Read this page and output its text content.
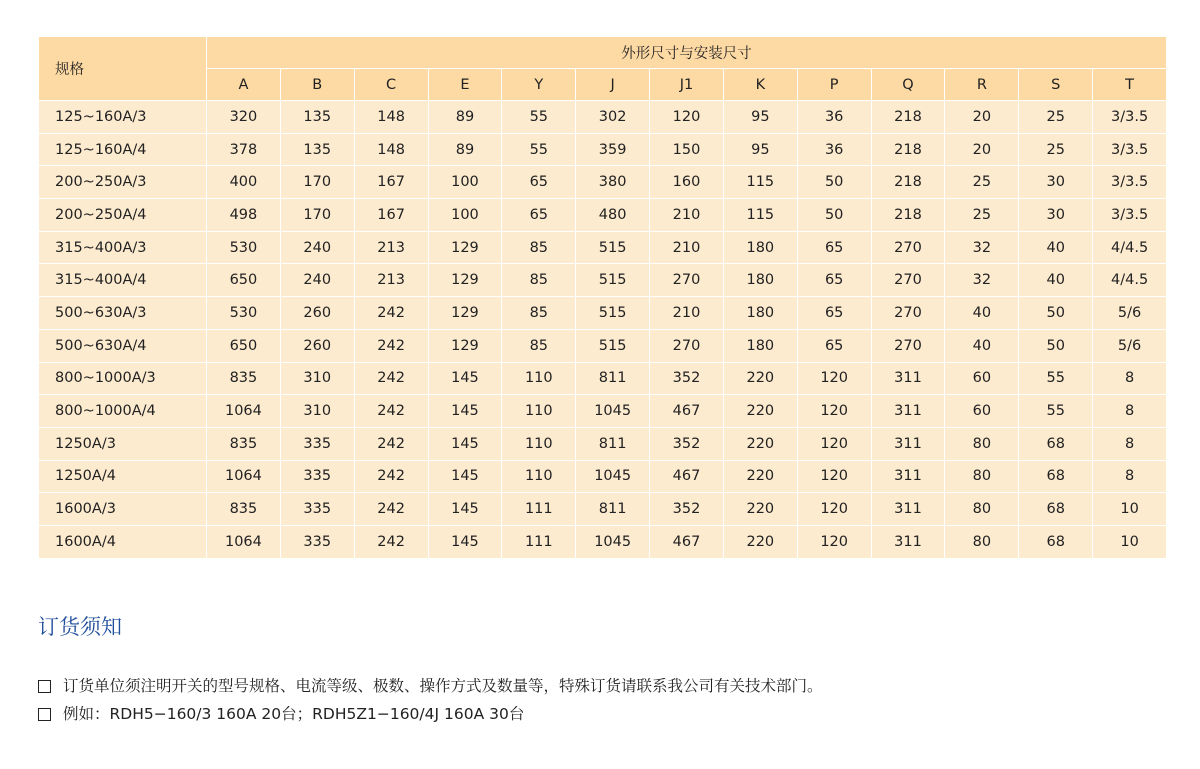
规格	外形尺寸与安装尺寸												
	A	B	C	E	Y	J	J1	K	P	Q	R	S	T
125~160A/3	320	135	148	89	55	302	120	95	36	218	20	25	3/3.5
125~160A/4	378	135	148	89	55	359	150	95	36	218	20	25	3/3.5
200~250A/3	400	170	167	100	65	380	160	115	50	218	25	30	3/3.5
200~250A/4	498	170	167	100	65	480	210	115	50	218	25	30	3/3.5
315~400A/3	530	240	213	129	85	515	210	180	65	270	32	40	4/4.5
315~400A/4	650	240	213	129	85	515	270	180	65	270	32	40	4/4.5
500~630A/3	530	260	242	129	85	515	210	180	65	270	40	50	5/6
500~630A/4	650	260	242	129	85	515	270	180	65	270	40	50	5/6
800~1000A/3	835	310	242	145	110	811	352	220	120	311	60	55	8
800~1000A/4	1064	310	242	145	110	1045	467	220	120	311	60	55	8
1250A/3	835	335	242	145	110	811	352	220	120	311	80	68	8
1250A/4	1064	335	242	145	110	1045	467	220	120	311	80	68	8
1600A/3	835	335	242	145	111	811	352	220	120	311	80	68	10
1600A/4	1064	335	242	145	111	1045	467	220	120	311	80	68	10
订货须知
订货单位须注明开关的型号规格、电流等级、极数、操作方式及数量等，特殊订货请联系我公司有关技术部门。
例如：RDH5−160/3 160A 20台；RDH5Z1−160/4J 160A 30台
